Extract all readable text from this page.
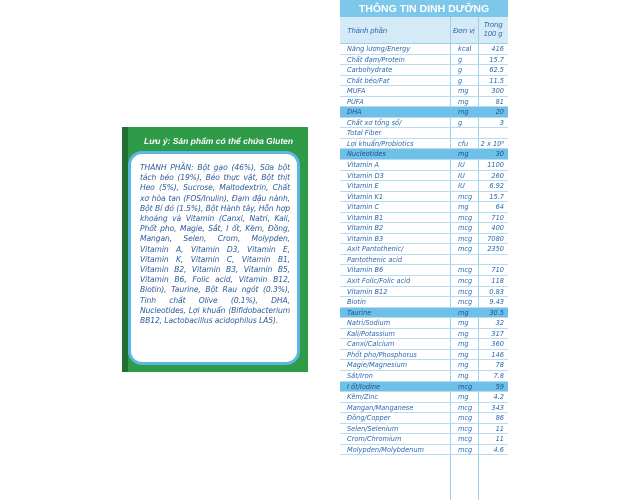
Lưu ý: Sản phẩm có thể chứa Gluten
THÀNH PHẦN: Bột gạo (46%), Sữa bột tách béo (19%), Béo thực vật, Bột thịt Heo (5%), Sucrose, Maltodextrin, Chất xơ hòa tan (FOS/Inulin), Đạm đậu nành, Bột Bí đỏ (1.5%), Bột Hành tây, Hỗn hợp khoáng và Vitamin (Canxi, Natri, Kali, Phốt pho, Magie, Sắt, I ốt, Kẽm, Đồng, Mangan, Selen, Crom, Molypden, Vitamin A, Vitamin D3, Vitamin E, Vitamin K, Vitamin C, Vitamin B1, Vitamin B2, Vitamin B3, Vitamin B5, Vitamin B6, Folic acid, Vitamin B12, Biotin), Taurine, Bột Rau ngót (0.3%), Tinh chất Olive (0.1%), DHA, Nucleotides, Lợi khuẩn (Bifidobacterium BB12, Lactobacillus acidophilus LA5).
THÔNG TIN DINH DƯỠNG
Thành phần	Đơn vị
Trong 100 g
Năng lượng/Energy	kcal	416
Chất đạm/Protein	g	15.7
Carbohydrate	g	62.5
Chất béo/Fat	g	11.5
MUFA	mg	300
PUFA	mg	81
DHA	mg	20
Chất xơ tổng số/	g	3
Total Fiber
Lợi khuẩn/Probiotics	cfu 2 x 10⁸
Nucleotides	mg	30
Vitamin A	IU	1100
Vitamin D3	IU	260
Vitamin E	IU	6.92
Vitamin K1	mcg	15.7
Vitamin C	mg	64
Vitamin B1	mcg	710
Vitamin B2	mcg	400
Vitamin B3	mcg 7080
Axit Pantothenic/	mcg 2350
Pantothenic acid
Vitamin B6	mcg	710
Axit Folic/Folic acid	mcg	118
Vitamin B12	mcg	0.83
Biotin	mcg	9.43
Taurine	mg	30.5
Natri/Sodium	mg	32
Kali/Potassium	mg	317
Canxi/Calcium	mg	360
Phốt pho/Phosphorus	mg	146
Magie/Magnesium	mg	78
Sắt/Iron	mg	7.8
I ốt/Iodine	mcg	59
Kẽm/Zinc	mg	4.2
Mangan/Manganese	mcg	343
Đồng/Copper	mcg	86
Selen/Selenium	mcg	11
Crom/Chromium	mcg	11
Molypden/Molybdenum	mcg	4.6
